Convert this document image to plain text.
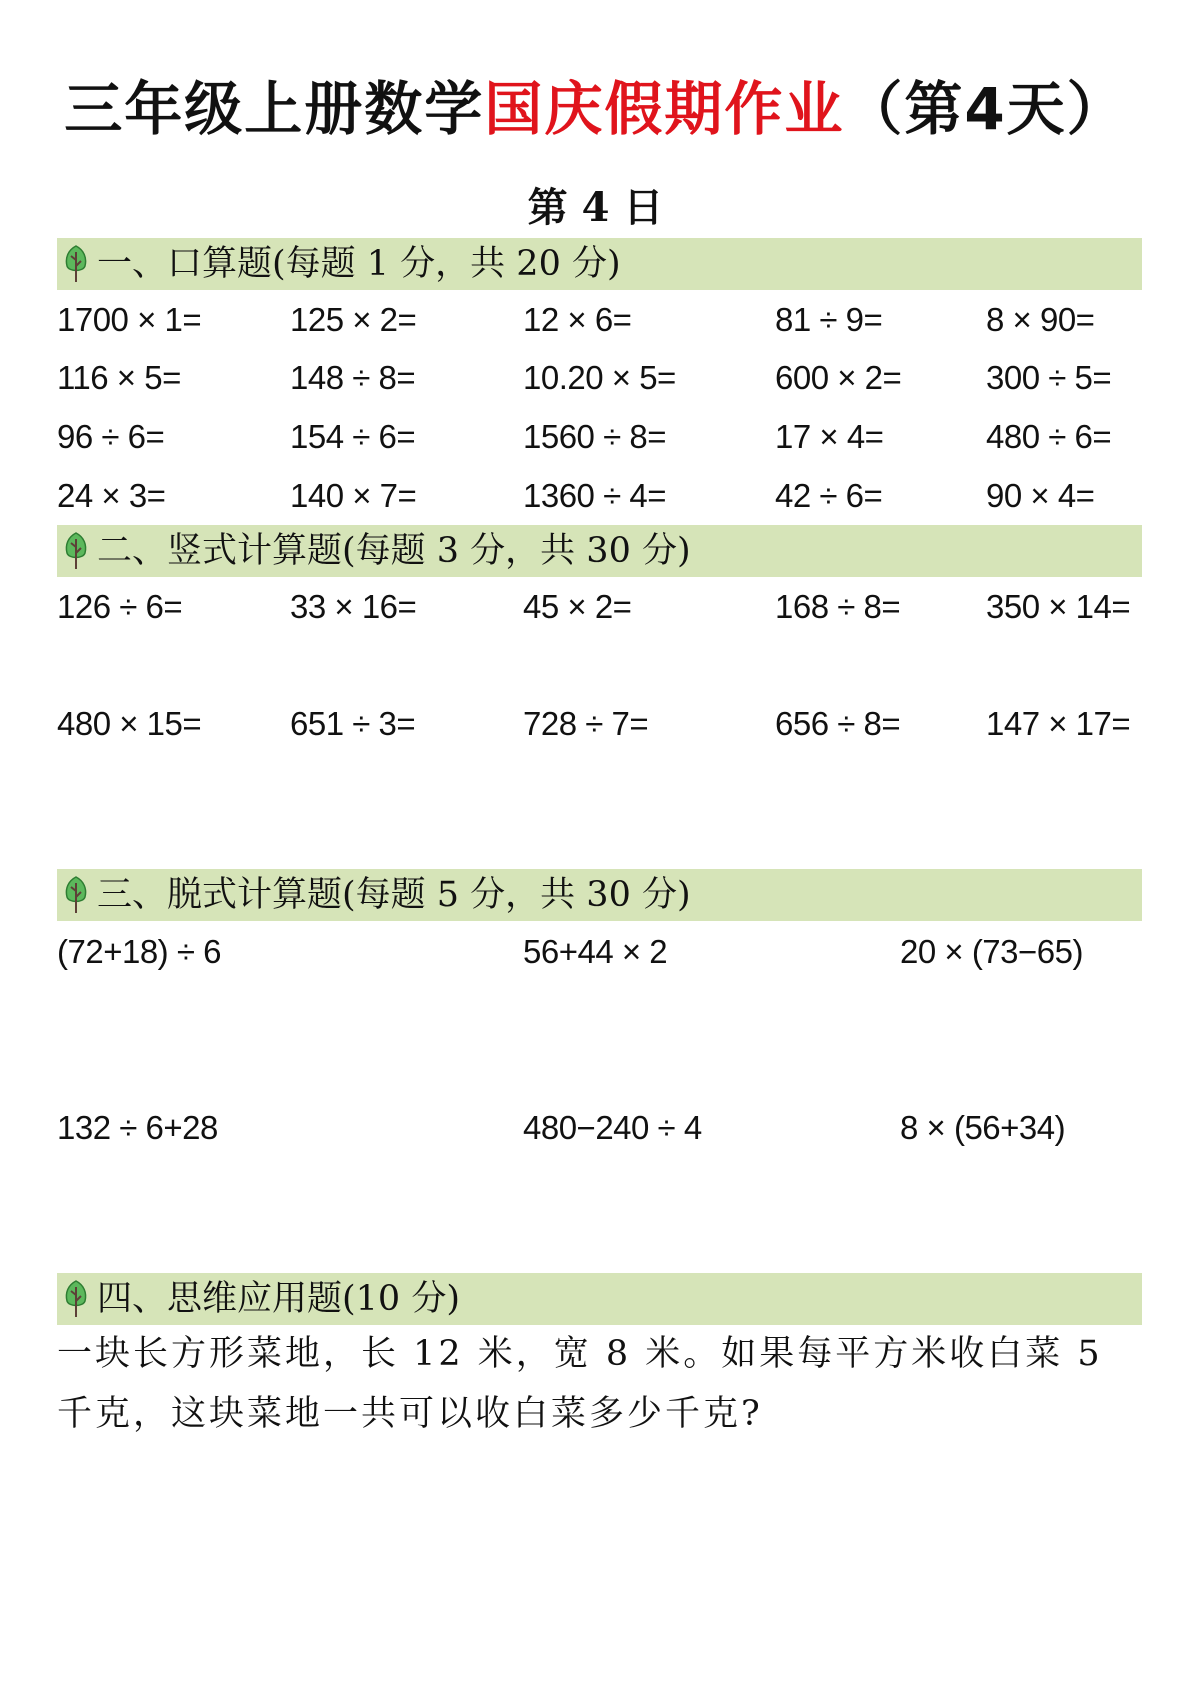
三年级上册数学国庆假期作业（第4天）
第 4 日
一、口算题(每题 1 分，共 20 分)
1700 × 1=	125 × 2=	12 × 6=	81 ÷ 9=	8 × 90=
116 × 5=	148 ÷ 8=	10.20 × 5=	600 × 2=	300 ÷ 5=
96 ÷ 6=	154 ÷ 6=	1560 ÷ 8=	17 × 4=	480 ÷ 6=
24 × 3=	140 × 7=	1360 ÷ 4=	42 ÷ 6=	90 × 4=
二、竖式计算题(每题 3 分，共 30 分)
126 ÷ 6=	33 × 16=	45 × 2=	168 ÷ 8=	350 × 14=
480 × 15=	651 ÷ 3=	728 ÷ 7=	656 ÷ 8=	147 × 17=
三、脱式计算题(每题 5 分，共 30 分)
(72+18) ÷ 6	56+44 × 2	20 × (73−65)
132 ÷ 6+28	480−240 ÷ 4	8 × (56+34)
四、思维应用题(10 分)
一块长方形菜地，长 12 米，宽 8 米。如果每平方米收白菜 5
千克，这块菜地一共可以收白菜多少千克?
